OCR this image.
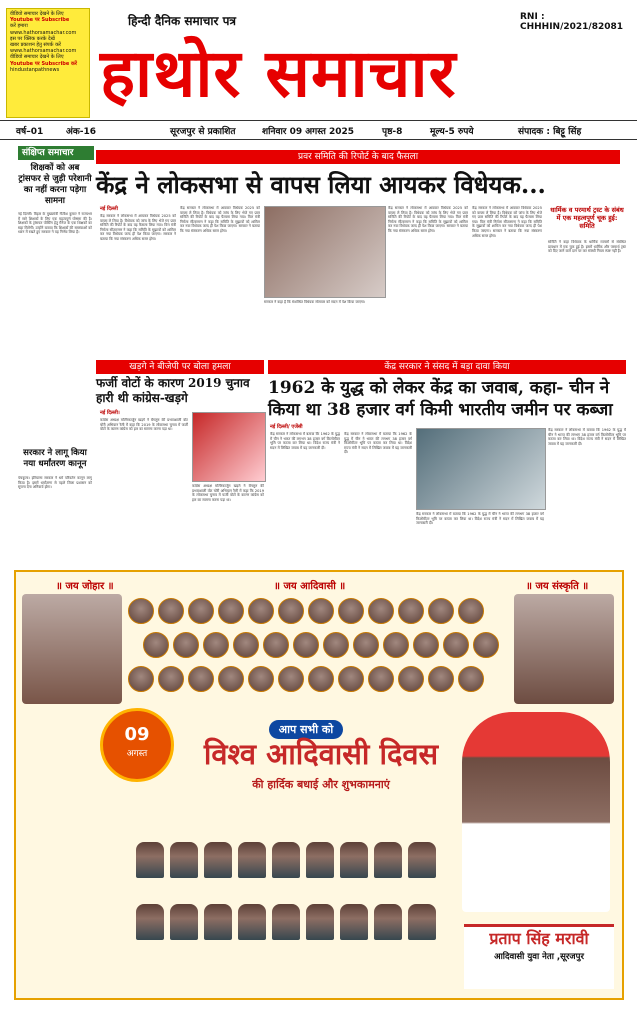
वीडियो समाचार देखने के लिए
Youtube पर Subscribe
करें हमारा
www.hathorsamachar.com
इस पर क्लिक करके देखें
खबर प्रकाशन हेतु संपर्क करें
www.hathorsamachar.com
वीडियो समाचार देखने के लिए
Youtube पर Subscribe करें
hindustanpathnews
हिन्दी दैनिक समाचार पत्र
हाथोर समाचार
RNI : CHHHIN/2021/82081
वर्ष–01	अंक-16	सूरजपुर से प्रकाशित	शनिवार 09 अगस्त 2025	पृष्ठ-8	मूल्य-5 रुपये	संपादक : बिट्टू सिंह
संक्षिप्त समाचार
शिक्षकों को अब ट्रांसफर से जुड़ी परेशानी का नहीं करना पड़ेगा सामना
नई दिल्ली। बिहार के मुख्यमंत्री नीतीश कुमार ने राज्यभर में सारे शिक्षकों के लिए एक महत्वपूर्ण घोषणा की है। शिक्षकों के ट्रांसफर पोस्टिंग हेतु मैनेज के एक शिक्षकों का सहा मिलेगी। उन्होंने बताया कि शिक्षकों की समस्याओं को ध्यान में रखते हुए सरकार ने यह निर्णय लिया है।
सरकार ने लागू किया नया धर्मांतरण कानून
पंचकूला। हरियाणा सरकार ने धर्म परिवर्तन कानून लागू किया है। इसमें धर्मांतरण से पहले जिला प्रशासन को सूचना देना अनिवार्य होगा।
प्रवर समिति की रिपोर्ट के बाद फैसला
केंद्र ने लोकसभा से वापस लिया आयकर विधेयक...
नई दिल्ली
केंद्र सरकार ने लोकसभा में आयकर विधेयक 2025 को वापस ले लिया है। विधेयक को जांच के लिए भेजे गए प्रवर समिति की रिपोर्ट के बाद यह फैसला लिया गया। वित्त मंत्री निर्मला सीतारमण ने कहा कि समिति के सुझावों को शामिल कर नया विधेयक जल्द ही पेश किया जाएगा। सरकार ने बताया कि नया संस्करण अधिक सरल होगा।
केंद्र सरकार ने लोकसभा में आयकर विधेयक 2025 को वापस ले लिया है। विधेयक को जांच के लिए भेजे गए प्रवर समिति की रिपोर्ट के बाद यह फैसला लिया गया। वित्त मंत्री निर्मला सीतारमण ने कहा कि समिति के सुझावों को शामिल कर नया विधेयक जल्द ही पेश किया जाएगा। सरकार ने बताया कि नया संस्करण अधिक सरल होगा।
सरकार ने कहा है कि संशोधित विधेयक सोमवार को सदन में पेश किया जाएगा।
केंद्र सरकार ने लोकसभा में आयकर विधेयक 2025 को वापस ले लिया है। विधेयक को जांच के लिए भेजे गए प्रवर समिति की रिपोर्ट के बाद यह फैसला लिया गया। वित्त मंत्री निर्मला सीतारमण ने कहा कि समिति के सुझावों को शामिल कर नया विधेयक जल्द ही पेश किया जाएगा। सरकार ने बताया कि नया संस्करण अधिक सरल होगा।
केंद्र सरकार ने लोकसभा में आयकर विधेयक 2025 को वापस ले लिया है। विधेयक को जांच के लिए भेजे गए प्रवर समिति की रिपोर्ट के बाद यह फैसला लिया गया। वित्त मंत्री निर्मला सीतारमण ने कहा कि समिति के सुझावों को शामिल कर नया विधेयक जल्द ही पेश किया जाएगा। सरकार ने बताया कि नया संस्करण अधिक सरल होगा।
धार्मिक व परमार्थ ट्रस्ट के संबंध में एक महत्वपूर्ण चूक हुई: समिति
समिति ने कहा विधेयक के धार्मिक मामलों से संबंधित प्रावधान में एक चूक हुई है। इसमें धार्मिक और परमार्थ ट्रस्ट को दिए जाने वाले दान पर कर संबंधी नियम स्पष्ट नहीं हैं।
खड़गे ने बीजेपी पर बोला हमला
फर्जी वोटों के कारण 2019 चुनाव हारी थी कांग्रेस-खड़गे
नई दिल्ली।
कांग्रेस अध्यक्ष मल्लिकार्जुन खड़गे ने बेंगलुरु की प्रभावशाली वोट चोरी अभियान रैली में कहा कि 2019 के लोकसभा चुनाव में फर्जी वोटों के कारण कांग्रेस को हार का सामना करना पड़ा था।
कांग्रेस अध्यक्ष मल्लिकार्जुन खड़गे ने बेंगलुरु की प्रभावशाली वोट चोरी अभियान रैली में कहा कि 2019 के लोकसभा चुनाव में फर्जी वोटों के कारण कांग्रेस को हार का सामना करना पड़ा था।
केंद्र सरकार ने संसद में बड़ा दावा किया
1962 के युद्ध को लेकर केंद्र का जवाब, कहा- चीन ने
किया था 38 हजार वर्ग किमी भारतीय जमीन पर कब्जा
नई दिल्ली/ एजेंसी
केंद्र सरकार ने लोकसभा में बताया कि 1962 के युद्ध में चीन ने भारत की लगभग 38 हजार वर्ग किलोमीटर भूमि पर कब्जा कर लिया था। विदेश राज्य मंत्री ने सदन में लिखित जवाब में यह जानकारी दी।
केंद्र सरकार ने लोकसभा में बताया कि 1962 के युद्ध में चीन ने भारत की लगभग 38 हजार वर्ग किलोमीटर भूमि पर कब्जा कर लिया था। विदेश राज्य मंत्री ने सदन में लिखित जवाब में यह जानकारी दी।
केंद्र सरकार ने लोकसभा में बताया कि 1962 के युद्ध में चीन ने भारत की लगभग 38 हजार वर्ग किलोमीटर भूमि पर कब्जा कर लिया था। विदेश राज्य मंत्री ने सदन में लिखित जवाब में यह जानकारी दी।
केंद्र सरकार ने लोकसभा में बताया कि 1962 के युद्ध में चीन ने भारत की लगभग 38 हजार वर्ग किलोमीटर भूमि पर कब्जा कर लिया था। विदेश राज्य मंत्री ने सदन में लिखित जवाब में यह जानकारी दी।
॥ जय जोहार ॥	॥ जय आदिवासी ॥	॥ जय संस्कृति ॥
09
अगस्त
आप सभी को
विश्व आदिवासी दिवस
की हार्दिक बधाई और शुभकामनाएं
प्रताप सिंह मरावी
आदिवासी युवा नेता ,सूरजपुर
